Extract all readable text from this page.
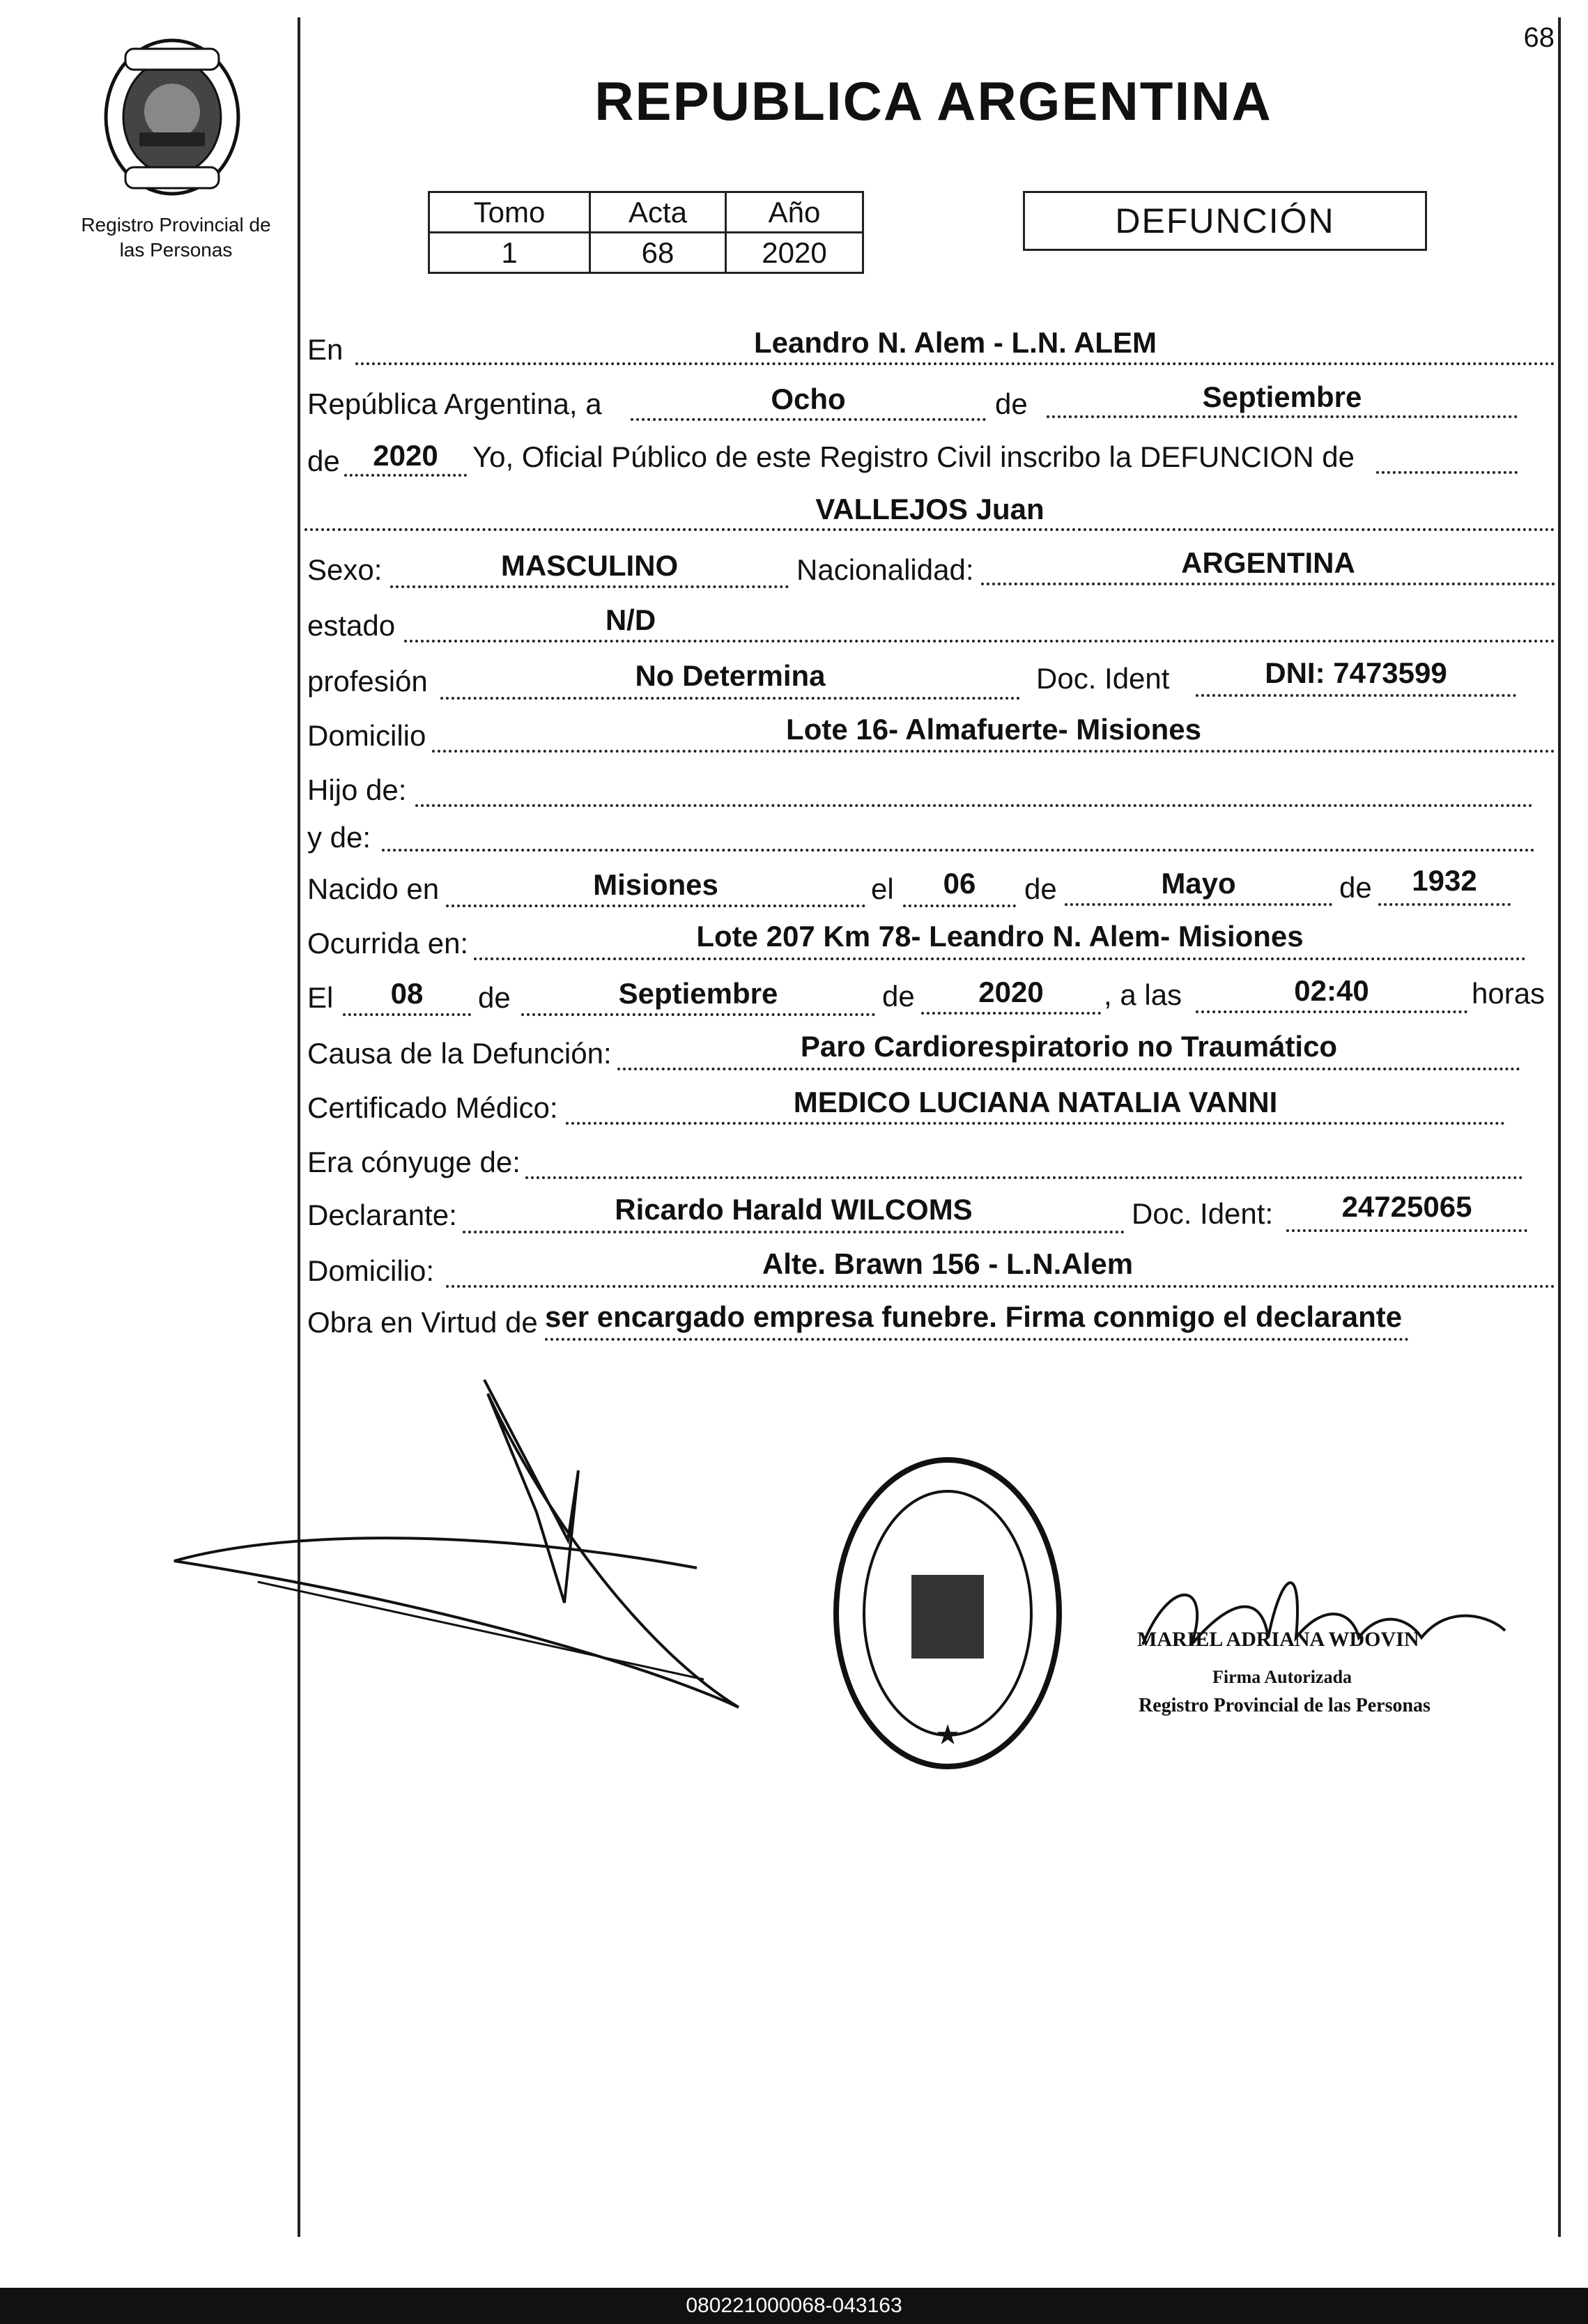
68
Registro Provincial de las Personas
REPUBLICA ARGENTINA
Tomo	Acta	Año
1	68	2020
DEFUNCIÓN
En	Leandro N. Alem - L.N. ALEM
República Argentina, a	Ocho	de	Septiembre
de	2020	Yo, Oficial Público de este Registro Civil inscribo la DEFUNCION de
VALLEJOS Juan
Sexo:	MASCULINO	Nacionalidad:	ARGENTINA
estado	N/D
profesión	No Determina	Doc. Ident	DNI: 7473599
Domicilio	Lote 16- Almafuerte- Misiones
Hijo de:
y de:
Nacido en	Misiones	el	06	de	Mayo	de	1932
Ocurrida en:	Lote 207 Km 78- Leandro N. Alem- Misiones
El	08	de	Septiembre	de	2020	, a las	02:40	horas
Causa de la Defunción:	Paro Cardiorespiratorio no Traumático
Certificado Médico:	MEDICO LUCIANA NATALIA VANNI
Era cónyuge de:
Declarante:	Ricardo Harald WILCOMS	Doc. Ident:	24725065
Domicilio:	Alte. Brawn 156 - L.N.Alem
Obra en Virtud de ser encargado empresa funebre. Firma conmigo el declarante
★
MARIEL ADRIANA WDOVIN
Firma Autorizada
Registro Provincial de las Personas
080221000068-043163
